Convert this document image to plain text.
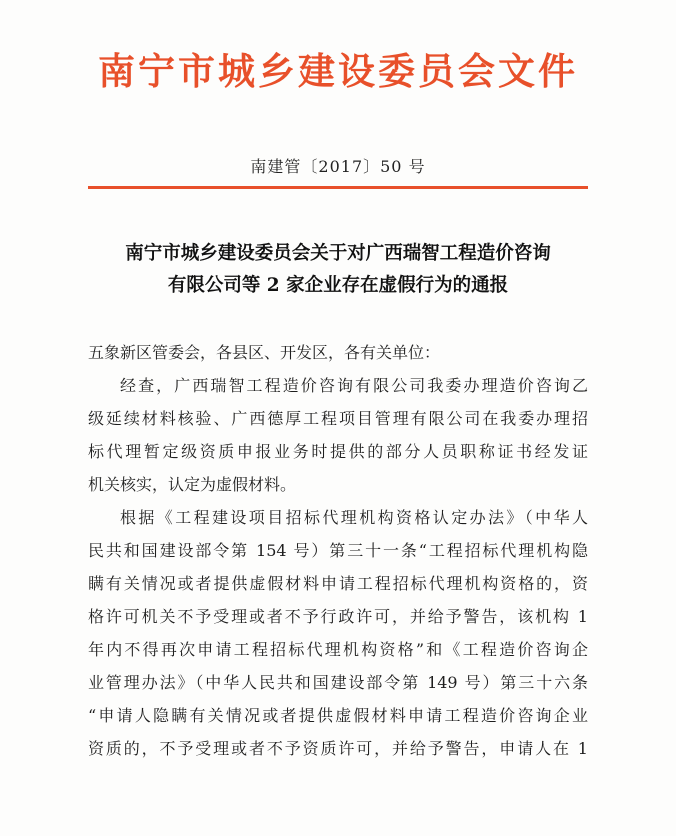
南宁市城乡建设委员会文件
南建管〔2017〕50 号
南宁市城乡建设委员会关于对广西瑞智工程造价咨询
有限公司等 2 家企业存在虚假行为的通报
五象新区管委会，各县区、开发区，各有关单位：
经查，广西瑞智工程造价咨询有限公司我委办理造价咨询乙
级延续材料核验、广西德厚工程项目管理有限公司在我委办理招
标代理暂定级资质申报业务时提供的部分人员职称证书经发证
机关核实，认定为虚假材料。
根据《工程建设项目招标代理机构资格认定办法》（中华人
民共和国建设部令第 154 号）第三十一条“工程招标代理机构隐
瞒有关情况或者提供虚假材料申请工程招标代理机构资格的，资
格许可机关不予受理或者不予行政许可，并给予警告，该机构 1
年内不得再次申请工程招标代理机构资格”和《工程造价咨询企
业管理办法》（中华人民共和国建设部令第 149 号）第三十六条
“申请人隐瞒有关情况或者提供虚假材料申请工程造价咨询企业
资质的，不予受理或者不予资质许可，并给予警告，申请人在 1
